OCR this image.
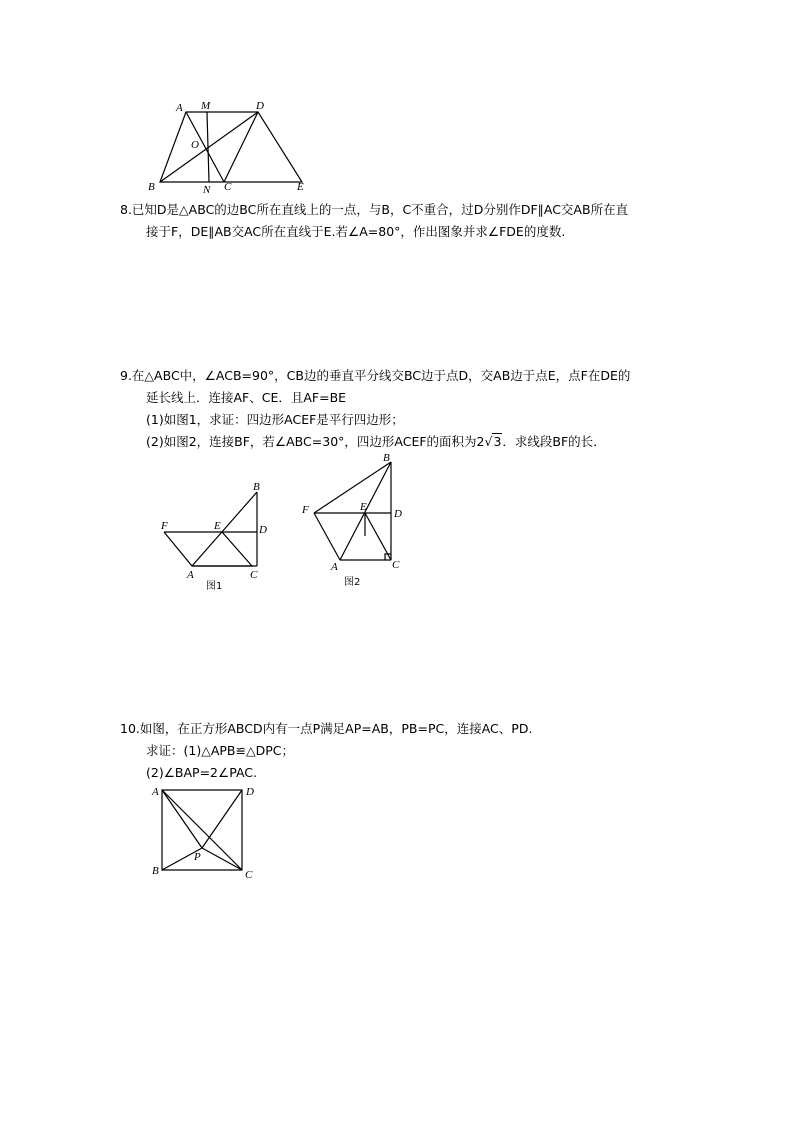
A M	D
O
B	N C	E

8.已知D是△ABC的边BC所在直线上的一点，与B，C不重合，过D分别作DF∥AC交AB所在直

接于F，DE∥AB交AC所在直线于E.若∠A=80°，作出图象并求∠FDE的度数.

9.在△ABC中，∠ACB=90°，CB边的垂直平分线交BC边于点D，交AB边于点E，点F在DE的

延长线上．连接AF、CE．且AF=BE

(1)如图1，求证：四边形ACEF是平行四边形；

(2)如图2，连接BF，若∠ABC=30°，四边形ACEF的面积为2√3．求线段BF的长．

F	E
B
D
A	C
图1
B
F	E
D
A	C
图2

10.如图，在正方形ABCD内有一点P满足AP=AB，PB=PC，连接AC、PD.

求证：(1)△APB≌△DPC；

(2)∠BAP=2∠PAC.

A	D
B	C
P
